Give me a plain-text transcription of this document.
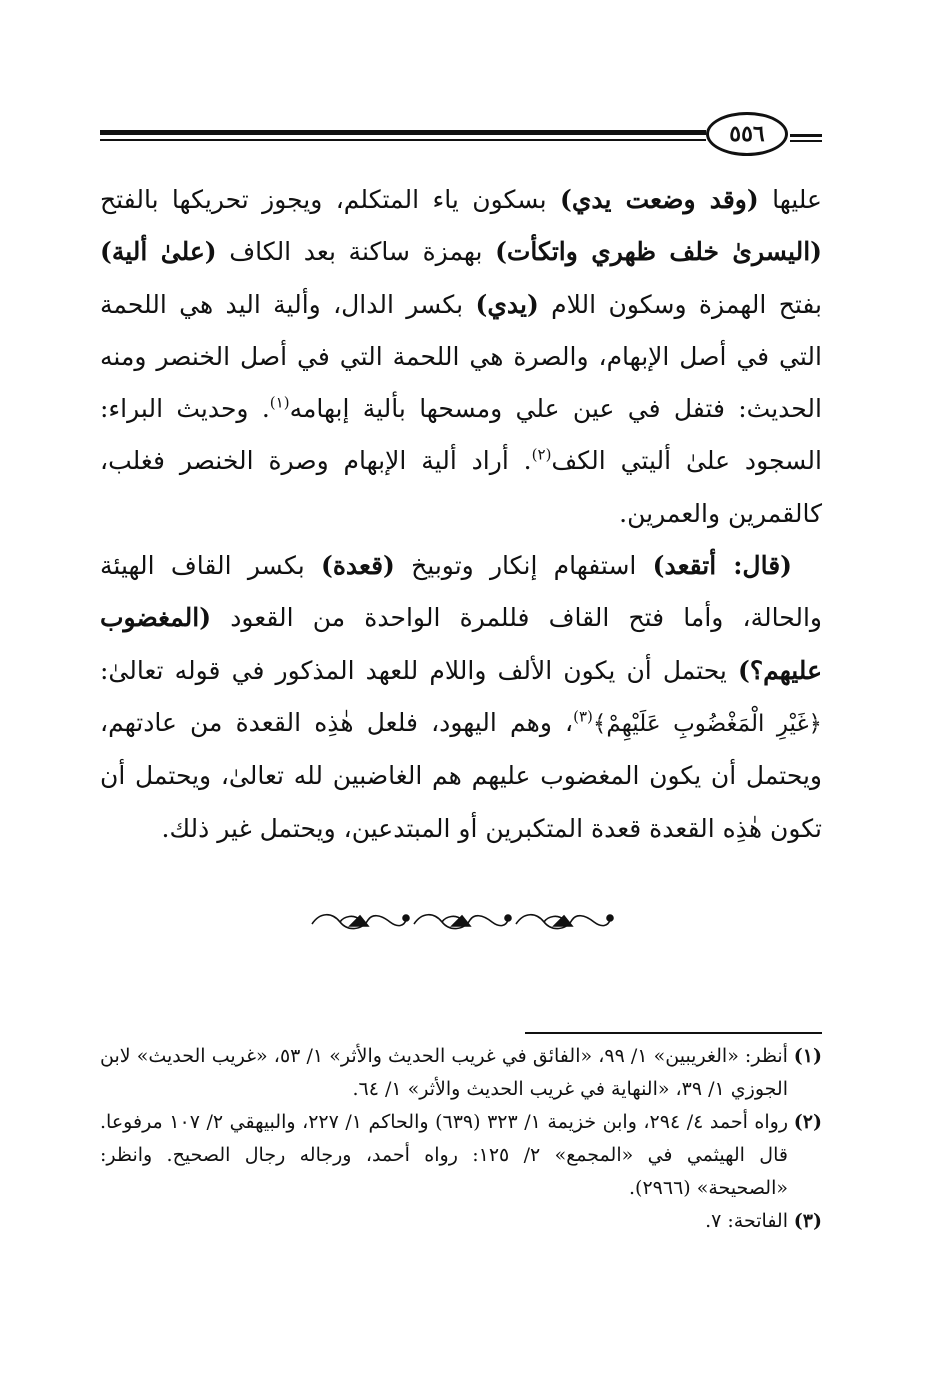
٥٥٦

عليها (وقد وضعت يدي) بسكون ياء المتكلم، ويجوز تحريكها بالفتح (اليسرىٰ خلف ظهري واتكأت) بهمزة ساكنة بعد الكاف (علىٰ ألية) بفتح الهمزة وسكون اللام (يدي) بكسر الدال، وألية اليد هي اللحمة التي في أصل الإبهام، والصرة هي اللحمة التي في أصل الخنصر ومنه الحديث: فتفل في عين علي ومسحها بألية إبهامه$^{(١)}$. وحديث البراء: السجود علىٰ أليتي الكف$^{(٢)}$. أراد ألية الإبهام وصرة الخنصر فغلب، كالقمرين والعمرين.

(قال: أتقعد) استفهام إنكار وتوبيخ (قعدة) بكسر القاف الهيئة والحالة، وأما فتح القاف فللمرة الواحدة من القعود (المغضوب عليهم؟) يحتمل أن يكون الألف واللام للعهد المذكور في قوله تعالىٰ: ﴿غَيْرِ الْمَغْضُوبِ عَلَيْهِمْ﴾$^{(٣)}$، وهم اليهود، فلعل هٰذِه القعدة من عادتهم، ويحتمل أن يكون المغضوب عليهم هم الغاضبين لله تعالىٰ، ويحتمل أن تكون هٰذِه القعدة قعدة المتكبرين أو المبتدعين، ويحتمل غير ذلك.

(١)
أنظر: «الغريبين» ١/ ٩٩، «الفائق في غريب الحديث والأثر» ١/ ٥٣، «غريب الحديث» لابن الجوزي ١/ ٣٩، «النهاية في غريب الحديث والأثر» ١/ ٦٤.
(٢)
رواه أحمد ٤/ ٢٩٤، وابن خزيمة ١/ ٣٢٣ (٦٣٩) والحاكم ١/ ٢٢٧، والبيهقي ٢/ ١٠٧ مرفوعا. قال الهيثمي في «المجمع» ٢/ ١٢٥: رواه أحمد، ورجاله رجال الصحيح. وانظر: «الصحيحة» (٢٩٦٦).
(٣)
الفاتحة: ٧.
